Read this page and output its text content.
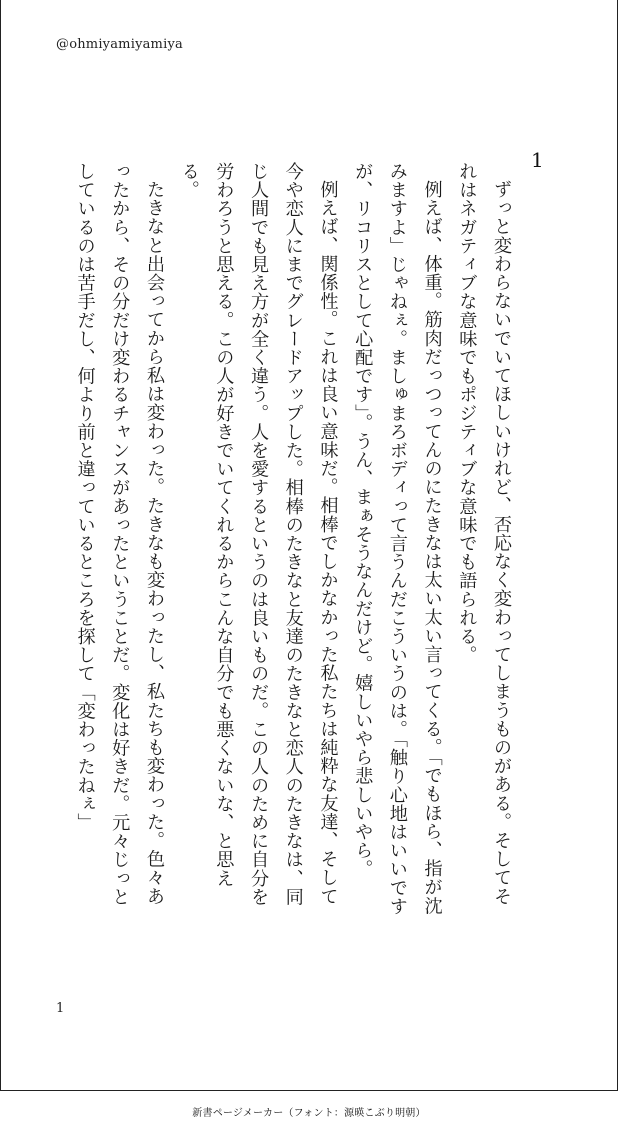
@ohmiyamiyamiya
1

ずっと変わらないでいてほしいけれど、否応なく変わってしまうものがある。そしてそれはネガティブな意味でもポジティブな意味でも語られる。

例えば、体重。筋肉だっつってんのにたきなは太い太い言ってくる。「でもほら、指が沈みますよ」じゃねぇ。ましゅまろボディって言うんだこういうのは。「触り心地はいいですが、リコリスとして心配です」。うん、まぁそうなんだけど。嬉しいやら悲しいやら。

例えば、関係性。これは良い意味だ。相棒でしかなかった私たちは純粋な友達、そして今や恋人にまでグレードアップした。相棒のたきなと友達のたきなと恋人のたきなは、同じ人間でも見え方が全く違う。人を愛するというのは良いものだ。この人のために自分を労わろうと思える。この人が好きでいてくれるからこんな自分でも悪くないな、と思える。

たきなと出会ってから私は変わった。たきなも変わったし、私たちも変わった。色々あったから、その分だけ変わるチャンスがあったということだ。変化は好きだ。元々じっとしているのは苦手だし、何より前と違っているところを探して「変わったねぇ」

1
新書ページメーカー（フォント：源暎こぶり明朝）
